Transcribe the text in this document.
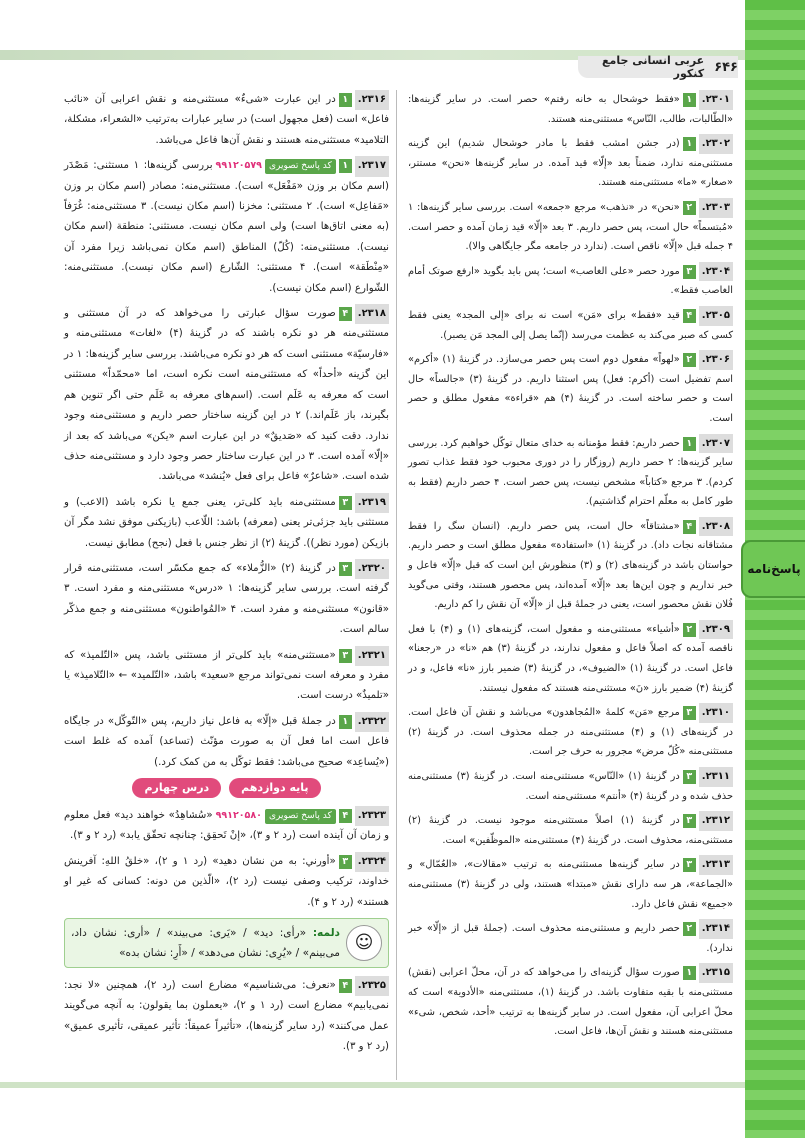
۶۴۶
عربی انسانی جامع کنکور
پاسخ‌نامه

۲۳۰۱.۱«فقط خوشحال به خانه رفتم» حصر است. در سایر گزینه‌ها: «الطّالبات، طالب، النّاس» مستثنی‌منه هستند.

۲۳۰۲.۱(در جشن امشب فقط با مادر خوشحال شدیم) این گزینه مستثنی‌منه ندارد، ضمناً بعد «إلّا» قید آمده. در سایر گزینه‌ها «نحن» مستتر، «صغار» «ما» مستثنی‌منه هستند.

۲۳۰۳.۲«نحن» در «نذهب» مرجع «جمعه» است. بررسی سایر گزینه‌ها: ۱ «مُبتسماً» حال است، پس حصر داریم. ۳ بعد «إلّا» قید زمان آمده و حصر است. ۴ جمله قبل «إلّا» ناقص است. (ندارد در جامعه مگر جایگاهی والا).

۲۳۰۴.۳مورد حصر «علی الغاصب» است؛ پس باید بگوید «ارفع صوتک أمام الغاصب فقط».

۲۳۰۵.۴قید «فقط» برای «مَن» است نه برای «إلی المجد» یعنی فقط کسی که صبر می‌کند به عظمت می‌رسد (إنّما یصل إلی المجد مَن یصبر).

۲۳۰۶.۲«لهواً» مفعول دوم است پس حصر می‌سازد. در گزینهٔ (۱) «أکرم» اسم تفضیل است (أکرم: فعل) پس استثنا داریم. در گزینهٔ (۳) «جالساً» حال است و حصر ساخته است. در گزینهٔ (۴) هم «قراءة» مفعول مطلق و حصر است.

۲۳۰۷.۱حصر داریم: فقط مؤمنانه به خدای متعال توکّل خواهیم کرد. بررسی سایر گزینه‌ها: ۲ حصر داریم (روزگار را در دوری محبوب خود فقط عذاب تصور کردم). ۳ مرجع «کتاباً» مشخص نیست، پس حصر است. ۴ حصر داریم (فقط به طور کامل به معلّم احترام گذاشتیم).

۲۳۰۸.۴«مشتاقاً» حال است، پس حصر داریم. (انسان سگ را فقط مشتاقانه نجات داد). در گزینهٔ (۱) «استفادة» مفعول مطلق است و حصر داریم. حواستان باشد در گزینه‌های (۲) و (۳) منظورش این است که قبل «إلّا» فاعل و خبر نداریم و چون این‌ها بعد «إلّا» آمده‌اند، پس محصور هستند، وقتی می‌گوید فُلان نقش محصور است، یعنی در جملهٔ قبل از «إلّا» آن نقش را کم داریم.

۲۳۰۹.۲«أشیاء» مستثنی‌منه و مفعول است، گزینه‌های (۱) و (۴) با فعل ناقصه آمده که اصلاً فاعل و مفعول ندارند، در گزینهٔ (۳) هم «نا» در «رجعنا» فاعل است. در گزینهٔ (۱) «الضیوف»، در گزینهٔ (۳) ضمیر بارز «نا» فاعل، و در گزینهٔ (۴) ضمیر بارز «نَ» مستثنی‌منه هستند که مفعول نیستند.

۲۳۱۰.۳مرجع «مَن» کلمهٔ «المُجاهدون» می‌باشد و نقش آن فاعل است. در گزینه‌های (۱) و (۴) مستثنی‌منه در جمله محذوف است. در گزینهٔ (۲) مستثنی‌منه «کُلّ مرض» مجرور به حرف جر است.

۲۳۱۱.۳در گزینهٔ (۱) «النّاس» مستثنی‌منه است. در گزینهٔ (۳) مستثنی‌منه حذف شده و در گزینهٔ (۴) «أنتم» مستثنی‌منه است.

۲۳۱۲.۳در گزینهٔ (۱) اصلاً مستثنی‌منه موجود نیست. در گزینهٔ (۲) مستثنی‌منه، محذوف است. در گزینهٔ (۴) مستثنی‌منه «الموظّفین» است.

۲۳۱۳.۳در سایر گزینه‌ها مستثنی‌منه به ترتیب «مقالات»، «العُمّال» و «الجماعة»، هر سه دارای نقش «مبتدا» هستند، ولی در گزینهٔ (۳) مستثنی‌منه «جمیع» نقش فاعل دارد.

۲۳۱۴.۲حصر داریم و مستثنی‌منه محذوف است. (جملهٔ قبل از «إلّا» خبر ندارد).

۲۳۱۵.۱صورت سؤال گزینه‌ای را می‌خواهد که در آن، محلّ اعرابی (نقش) مستثنی‌منه با بقیه متفاوت باشد. در گزینهٔ (۱)، مستثنی‌منه «الأدویة» است که محلّ اعرابی آن، مفعول است. در سایر گزینه‌ها به ترتیب «أحد، شخص، شیء» مستثنی‌منه هستند و نقش آن‌ها، فاعل است.

۲۳۱۶.۱در این عبارت «شیءٌ» مستثنی‌منه و نقش اعرابی آن «نائب فاعل» است (فعل مجهول است) در سایر عبارات به‌ترتیب «الشعراء، مشکلة، التلامید» مستثنی‌منه هستند و نقش آن‌ها فاعل می‌باشد.

۲۳۱۷.۱کد پاسخ تصویری۹۹۱۲۰۵۷۹بررسی گزینه‌ها: ۱ مستثنی: مَصْدَر (اسم مکان بر وزن «مَفْعَل» است). مستثنی‌منه: مصادر (اسم مکان بر وزن «مَفاعِل» است). ۲ مستثنی: مخزنا (اسم مکان نیست). ۳ مستثنی‌منه: غُرَفاً (به معنی اتاق‌ها است) ولی اسم مکان نیست. مستثنی: منطقة (اسم مکان نیست). مستثنی‌منه: (کُلّ) المناطق (اسم مکان نمی‌باشد زیرا مفرد آن «مِنْطَقة» است). ۴ مستثنی: الشّارع (اسم مکان نیست). مستثنی‌منه: الشّوارع (اسم مکان نیست).

۲۳۱۸.۴صورت سؤال عبارتی را می‌خواهد که در آن مستثنی و مستثنی‌منه هر دو نکره باشند که در گزینهٔ (۴) «لغات» مستثنی‌منه و «فارسیّة» مستثنی است که هر دو نکره می‌باشند. بررسی سایر گزینه‌ها: ۱ در این گزینه «أحداً» که مستثنی‌منه است نکره است، اما «محمّداً» مستثنی است که معرفه به عَلَم است. (اسم‌های معرفه به عَلَم حتی اگر تنوین هم بگیرند، باز عَلَم‌اند.) ۲ در این گزینه ساختار حصر داریم و مستثنی‌منه وجود ندارد. دقت کنید که «صَدیقٌ» در این عبارت اسم «یکن» می‌باشد که بعد از «إلّا» آمده است. ۳ در این عبارت ساختار حصر وجود دارد و مستثنی‌منه حذف شده است. «شاعرٌ» فاعل برای فعل «یُنشد» می‌باشد.

۲۳۱۹.۳مستثنی‌منه باید کلی‌تر، یعنی جمع یا نکره باشد (الاعب) و مستثنی باید جزئی‌تر یعنی (معرفه) باشد: اللّاعب (بازیکنی موفق نشد مگر آن بازیکن (مورد نظر)). گزینهٔ (۲) از نظر جنس با فعل (نجح) مطابق نیست.

۲۳۲۰.۳در گزینهٔ (۲) «الزُّملاء» که جمع مکسّر است، مستثنی‌منه قرار گرفته است. بررسی سایر گزینه‌ها: ۱ «درس» مستثنی‌منه و مفرد است. ۳ «قانون» مستثنی‌منه و مفرد است. ۴ «المُواطنون» مستثنی‌منه و جمع مذکّر سالم است.

۲۳۲۱.۳«مستثنی‌منه» باید کلی‌تر از مستثنی باشد، پس «التّلمیذ» که مفرد و معرفه است نمی‌تواند مرجع «سعید» باشد، «التّلمید» ← «التّلامیذ» یا «تلمیذٌ» درست است.

۲۳۲۲.۱در جملهٔ قبل «إلّا» به فاعل نیاز داریم، پس «التّوکّل» در جایگاه فاعل است اما فعل آن به صورت مؤنّث (تساعد) آمده که غلط است («یُساعِد» صحیح می‌باشد: فقط توکّل به من کمک کرد.)

پایه دوازدهم
درس چهارم

۲۳۲۳.۴کد پاسخ تصویری۹۹۱۲۰۵۸۰«سُشاهِدُ» خواهند دید» فعل معلوم و زمان آن آینده است (رد ۲ و ۳)، «إنْ تَحقِق: چنانچه تحقّق یابد» (رد ۲ و ۳).

۲۳۲۴.۳«أورني: به من نشان دهید» (رد ۱ و ۲)، «خلقُ اللهِ: آفرینش خداوند، ترکیب وصفی نیست (رد ۲)، «الّذین من دونه: کسانی که غیر او هستند» (رد ۲ و ۴).

☺
دلمه: «رأی: دید» / «یَری: می‌بیند» / «أری: نشان داد، می‌بینم» / «یُرِی: نشان می‌دهد» / «أَرِ: نشان بده»

۲۳۲۵.۴«نعرف: می‌شناسیم» مضارع است (رد ۲)، همچنین «لا نجد: نمی‌یابیم» مضارع است (رد ۱ و ۲)، «یعملون بما یقولون: به آنچه می‌گویند عمل می‌کنند» (رد سایر گزینه‌ها)، «تأثیراً عمیقاً: تأثیر عمیقی، تأثیری عمیق» (رد ۲ و ۳).
